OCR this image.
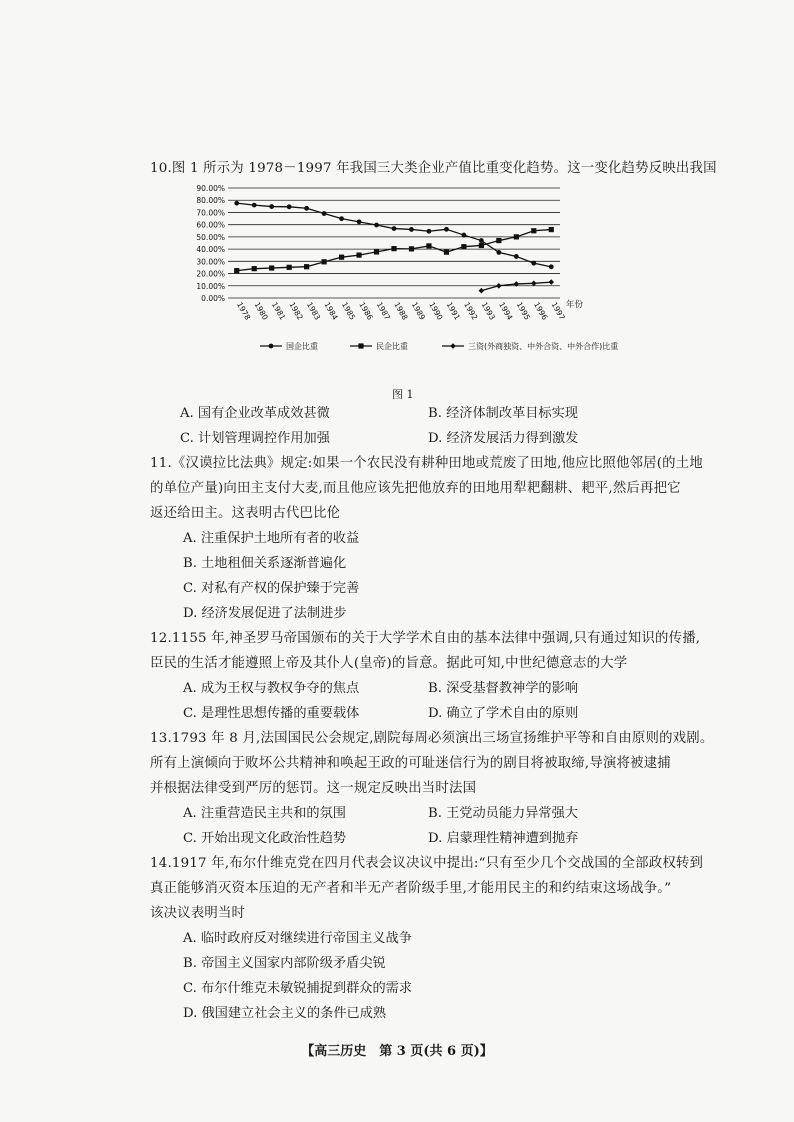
10.图 1 所示为 1978－1997 年我国三大类企业产值比重变化趋势。这一变化趋势反映出我国
0.00%
10.00%
20.00%
30.00%
40.00%
50.00%
60.00%
70.00%
80.00%
90.00%
1978 1980 1981 1982 1983 1984 1985 1986 1987 1988 1989 1990 1991 1992 1993 1994 1995 1996 1997 年份
国企比重	民企比重	三资(外商独资、中外合资、中外合作)比重
图 1
A. 国有企业改革成效甚微	B. 经济体制改革目标实现
C. 计划管理调控作用加强	D. 经济发展活力得到激发
11.《汉谟拉比法典》规定:如果一个农民没有耕种田地或荒废了田地,他应比照他邻居(的土地
的单位产量)向田主支付大麦,而且他应该先把他放弃的田地用犁耙翻耕、耙平,然后再把它
返还给田主。这表明古代巴比伦
A. 注重保护土地所有者的收益
B. 土地租佃关系逐渐普遍化
C. 对私有产权的保护臻于完善
D. 经济发展促进了法制进步
12.1155 年,神圣罗马帝国颁布的关于大学学术自由的基本法律中强调,只有通过知识的传播,
臣民的生活才能遵照上帝及其仆人(皇帝)的旨意。据此可知,中世纪德意志的大学
A. 成为王权与教权争夺的焦点	B. 深受基督教神学的影响
C. 是理性思想传播的重要载体	D. 确立了学术自由的原则
13.1793 年 8 月,法国国民公会规定,剧院每周必须演出三场宣扬维护平等和自由原则的戏剧。
所有上演倾向于败坏公共精神和唤起王政的可耻迷信行为的剧目将被取缔,导演将被逮捕
并根据法律受到严厉的惩罚。这一规定反映出当时法国
A. 注重营造民主共和的氛围	B. 王党动员能力异常强大
C. 开始出现文化政治性趋势	D. 启蒙理性精神遭到抛弃
14.1917 年,布尔什维克党在四月代表会议决议中提出:“只有至少几个交战国的全部政权转到
真正能够消灭资本压迫的无产者和半无产者阶级手里,才能用民主的和约结束这场战争。”
该决议表明当时
A. 临时政府反对继续进行帝国主义战争
B. 帝国主义国家内部阶级矛盾尖锐
C. 布尔什维克未敏锐捕捉到群众的需求
D. 俄国建立社会主义的条件已成熟
【高三历史　第 3 页(共 6 页)】
